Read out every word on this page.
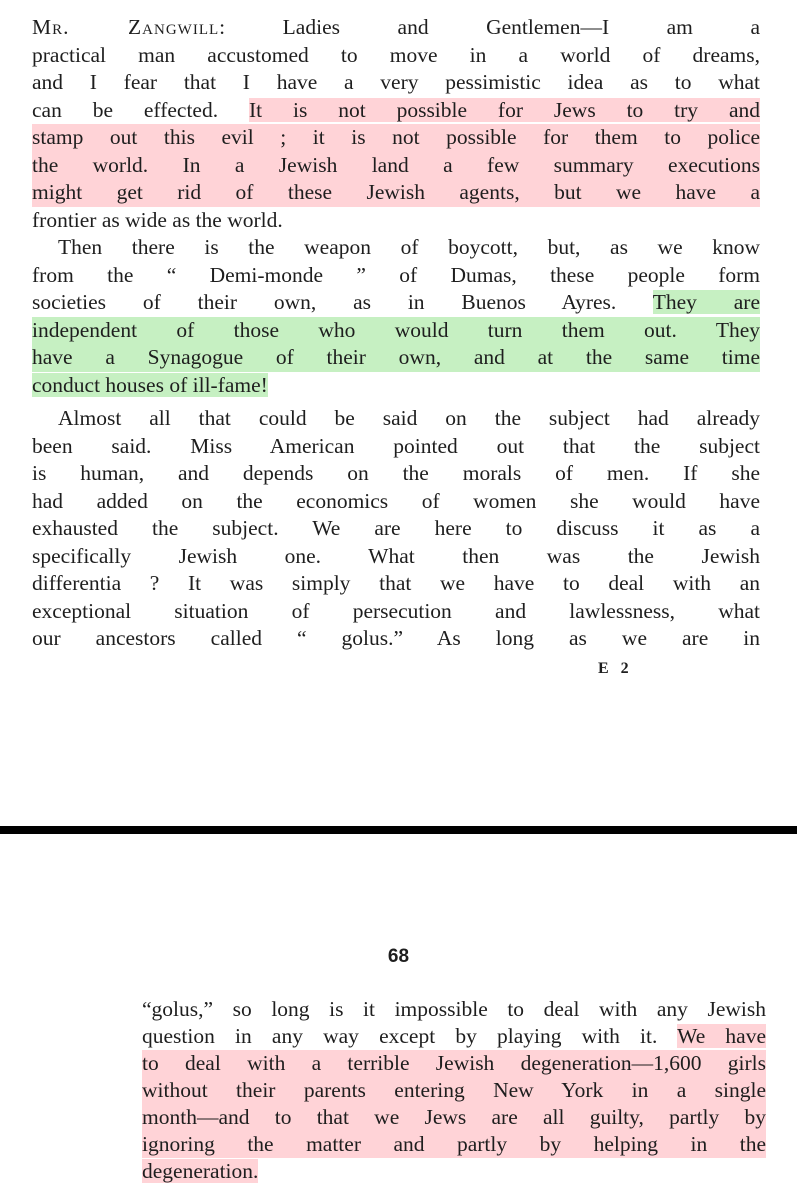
Mr. Zangwill: Ladies and Gentlemen—I am a
practical man accustomed to move in a world of dreams,
and I fear that I have a very pessimistic idea as to what
can be effected. It is not possible for Jews to try and
stamp out this evil ; it is not possible for them to police
the world. In a Jewish land a few summary executions
might get rid of these Jewish agents, but we have a
frontier as wide as the world.
Then there is the weapon of boycott, but, as we know
from the “ Demi-monde ” of Dumas, these people form
societies of their own, as in Buenos Ayres. They are
independent of those who would turn them out. They
have a Synagogue of their own, and at the same time
conduct houses of ill-fame!
Almost all that could be said on the subject had already
been said. Miss American pointed out that the subject
is human, and depends on the morals of men. If she
had added on the economics of women she would have
exhausted the subject. We are here to discuss it as a
specifically Jewish one. What then was the Jewish
differentia ? It was simply that we have to deal with an
exceptional situation of persecution and lawlessness, what
our ancestors called “ golus.” As long as we are in
E 2
68
“golus,” so long is it impossible to deal with any Jewish
question in any way except by playing with it. We have
to deal with a terrible Jewish degeneration—1,600 girls
without their parents entering New York in a single
month—and to that we Jews are all guilty, partly by
ignoring the matter and partly by helping in the
degeneration.
